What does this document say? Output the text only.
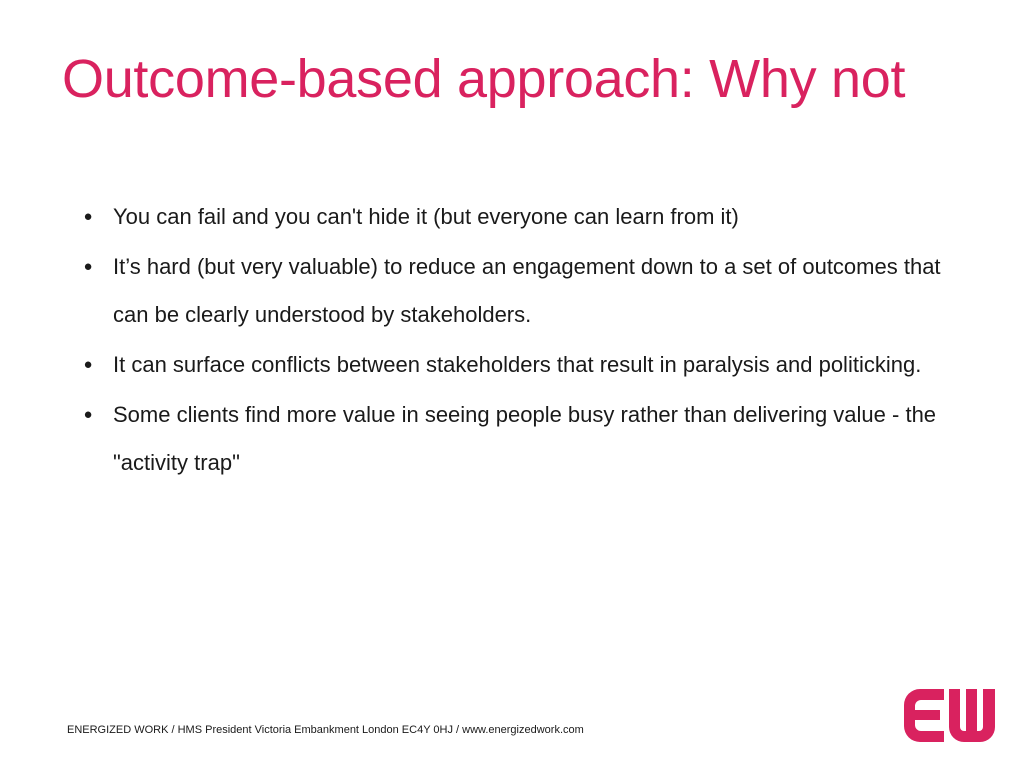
Outcome-based approach: Why not
● You can fail and you can't hide it (but everyone can learn from it)
● It’s hard (but very valuable) to reduce an engagement down to a set of outcomes that can be clearly understood by stakeholders.
● It can surface conflicts between stakeholders that result in paralysis and politicking.
● Some clients find more value in seeing people busy rather than delivering value - the "activity trap"
ENERGIZED WORK / HMS President Victoria Embankment London EC4Y 0HJ / www.energizedwork.com
